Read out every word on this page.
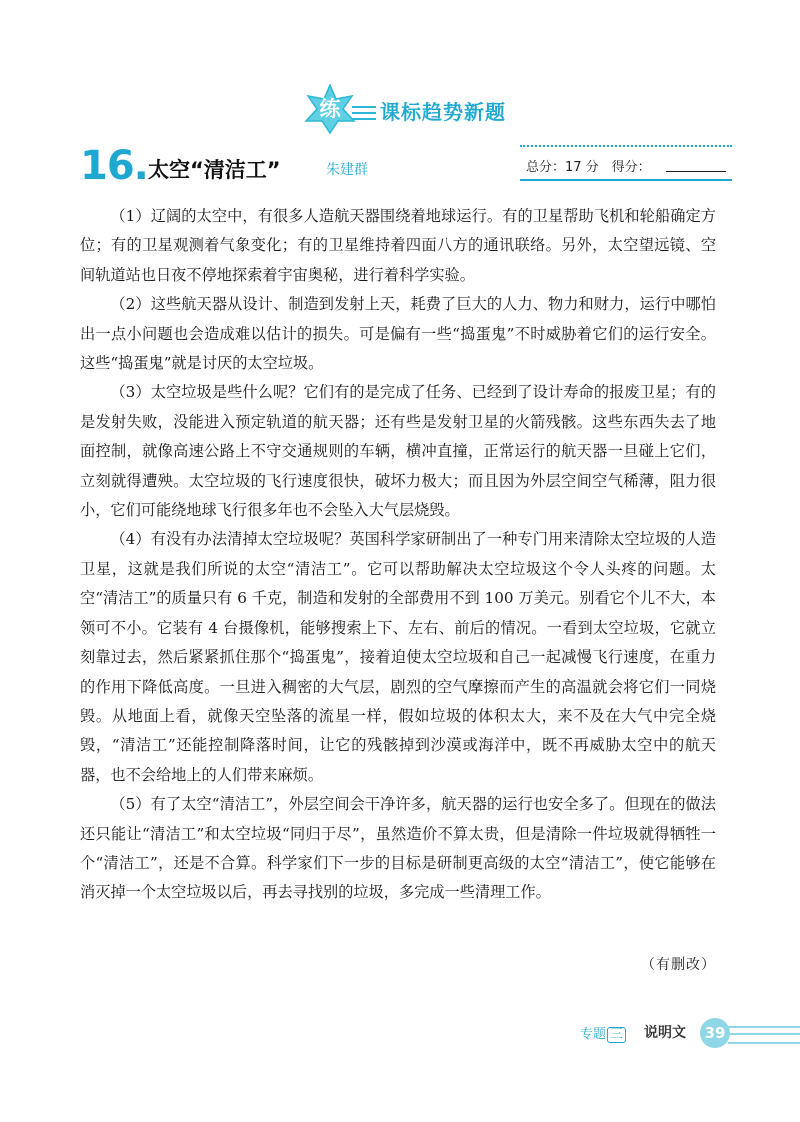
练	课标趋势新题
16. 太空“清洁工”	朱建群	总分：17 分　得分：

（1）辽阔的太空中，有很多人造航天器围绕着地球运行。有的卫星帮助飞机和轮船确定方位；有的卫星观测着气象变化；有的卫星维持着四面八方的通讯联络。另外，太空望远镜、空间轨道站也日夜不停地探索着宇宙奥秘，进行着科学实验。

（2）这些航天器从设计、制造到发射上天，耗费了巨大的人力、物力和财力，运行中哪怕出一点小问题也会造成难以估计的损失。可是偏有一些“捣蛋鬼”不时威胁着它们的运行安全。这些“捣蛋鬼”就是讨厌的太空垃圾。

（3）太空垃圾是些什么呢？它们有的是完成了任务、已经到了设计寿命的报废卫星；有的是发射失败，没能进入预定轨道的航天器；还有些是发射卫星的火箭残骸。这些东西失去了地面控制，就像高速公路上不守交通规则的车辆，横冲直撞，正常运行的航天器一旦碰上它们，立刻就得遭殃。太空垃圾的飞行速度很快，破坏力极大；而且因为外层空间空气稀薄，阻力很小，它们可能绕地球飞行很多年也不会坠入大气层烧毁。

（4）有没有办法清掉太空垃圾呢？英国科学家研制出了一种专门用来清除太空垃圾的人造卫星，这就是我们所说的太空“清洁工”。它可以帮助解决太空垃圾这个令人头疼的问题。太空“清洁工”的质量只有 6 千克，制造和发射的全部费用不到 100 万美元。别看它个儿不大，本领可不小。它装有 4 台摄像机，能够搜索上下、左右、前后的情况。一看到太空垃圾，它就立刻靠过去，然后紧紧抓住那个“捣蛋鬼”，接着迫使太空垃圾和自己一起减慢飞行速度，在重力的作用下降低高度。一旦进入稠密的大气层，剧烈的空气摩擦而产生的高温就会将它们一同烧毁。从地面上看，就像天空坠落的流星一样，假如垃圾的体积太大，来不及在大气中完全烧毁，“清洁工”还能控制降落时间，让它的残骸掉到沙漠或海洋中，既不再威胁太空中的航天器，也不会给地上的人们带来麻烦。

（5）有了太空“清洁工”，外层空间会干净许多，航天器的运行也安全多了。但现在的做法还只能让“清洁工”和太空垃圾“同归于尽”，虽然造价不算太贵，但是清除一件垃圾就得牺牲一个“清洁工”，还是不合算。科学家们下一步的目标是研制更高级的太空“清洁工”，使它能够在消灭掉一个太空垃圾以后，再去寻找别的垃圾，多完成一些清理工作。

（有删改）
专题 三 说明文	39
